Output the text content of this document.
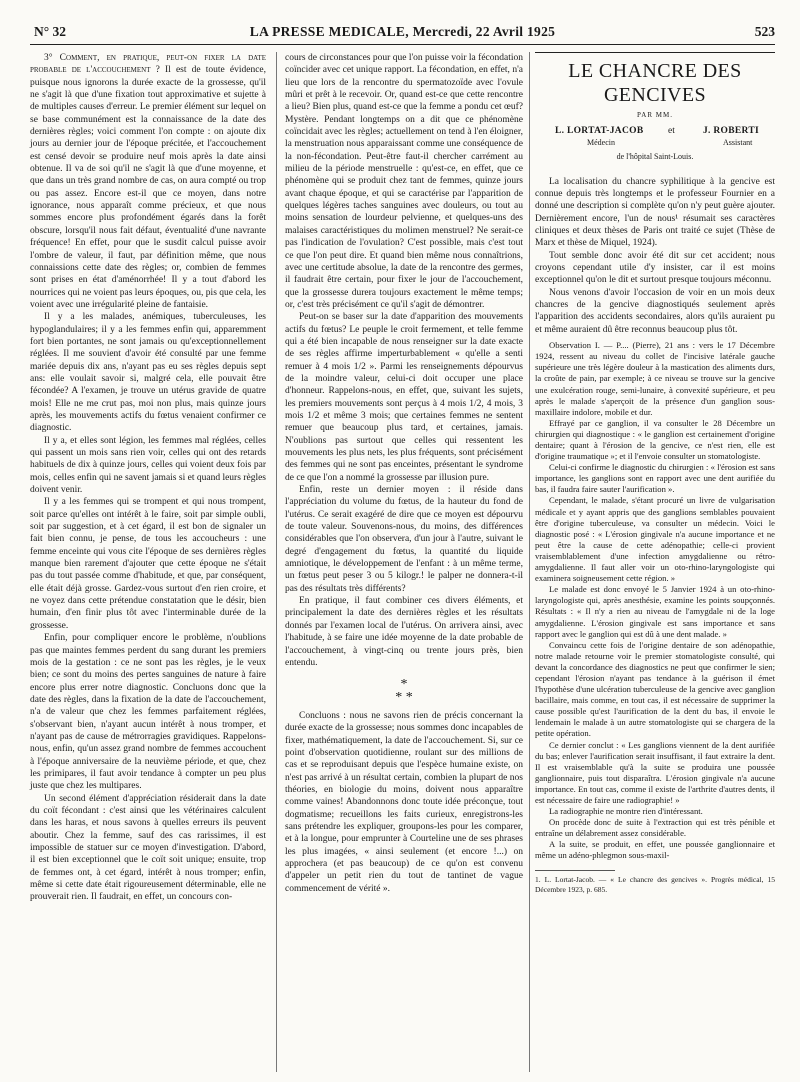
N° 32	LA PRESSE MEDICALE, Mercredi, 22 Avril 1925	523

3° Comment, en pratique, peut-on fixer la date probable de l'accouchement ? Il est de toute évidence, puisque nous ignorons la durée exacte de la grossesse, qu'il ne s'agit là que d'une fixation tout approximative et sujette à de multiples causes d'erreur. Le premier élément sur lequel on se base communément est la connaissance de la date des dernières règles; voici comment l'on compte : on ajoute dix jours au dernier jour de l'époque précitée, et l'accouchement est censé devoir se produire neuf mois après la date ainsi obtenue. Il va de soi qu'il ne s'agit là que d'une moyenne, et que dans un très grand nombre de cas, on aura compté ou trop ou pas assez. Encore est-il que ce moyen, dans notre ignorance, nous apparaît comme précieux, et que nous sommes encore plus profondément égarés dans la forêt obscure, lorsqu'il nous fait défaut, éventualité d'une navrante fréquence! En effet, pour que le susdit calcul puisse avoir l'ombre de valeur, il faut, par définition même, que nous connaissions cette date des règles; or, combien de femmes sont prises en état d'aménorrhée! Il y a tout d'abord les nourrices qui ne voient pas leurs époques, ou, pis que cela, les voient avec une irrégularité pleine de fantaisie.

Il y a les malades, anémiques, tuberculeuses, les hypoglandulaires; il y a les femmes enfin qui, apparemment fort bien portantes, ne sont jamais ou qu'exceptionnellement réglées. Il me souvient d'avoir été consulté par une femme mariée depuis dix ans, n'ayant pas eu ses règles depuis sept ans: elle voulait savoir si, malgré cela, elle pouvait être fécondée? A l'examen, je trouve un utérus gravide de quatre mois! Elle ne me crut pas, moi non plus, mais quinze jours après, les mouvements actifs du fœtus venaient confirmer ce diagnostic.

Il y a, et elles sont légion, les femmes mal réglées, celles qui passent un mois sans rien voir, celles qui ont des retards habituels de dix à quinze jours, celles qui voient deux fois par mois, celles enfin qui ne savent jamais si et quand leurs règles doivent venir.

Il y a les femmes qui se trompent et qui nous trompent, soit parce qu'elles ont intérêt à le faire, soit par simple oubli, soit par suggestion, et à cet égard, il est bon de signaler un fait bien connu, je pense, de tous les accoucheurs : une femme enceinte qui vous cite l'époque de ses dernières règles manque bien rarement d'ajouter que cette époque ne s'était pas du tout passée comme d'habitude, et que, par conséquent, elle était déjà grosse. Gardez-vous surtout d'en rien croire, et ne voyez dans cette prétendue constatation que le désir, bien humain, d'en finir plus tôt avec l'interminable durée de la grossesse.

Enfin, pour compliquer encore le problème, n'oublions pas que maintes femmes perdent du sang durant les premiers mois de la gestation : ce ne sont pas les règles, je le veux bien; ce sont du moins des pertes sanguines de nature à faire encore plus errer notre diagnostic. Concluons donc que la date des règles, dans la fixation de la date de l'accouchement, n'a de valeur que chez les femmes parfaitement réglées, s'observant bien, n'ayant aucun intérêt à nous tromper, et n'ayant pas de cause de métrorragies gravidiques. Rappelons-nous, enfin, qu'un assez grand nombre de femmes accouchent à l'époque anniversaire de la neuvième période, et que, chez les primipares, il faut avoir tendance à compter un peu plus juste que chez les multipares.

Un second élément d'appréciation résiderait dans la date du coït fécondant : c'est ainsi que les vétérinaires calculent dans les haras, et nous savons à quelles erreurs ils peuvent aboutir. Chez la femme, sauf des cas rarissimes, il est impossible de statuer sur ce moyen d'investigation. D'abord, il est bien exceptionnel que le coït soit unique; ensuite, trop de femmes ont, à cet égard, intérêt à nous tromper; enfin, même si cette date était rigoureusement déterminable, elle ne prouverait rien. Il faudrait, en effet, un concours con-

cours de circonstances pour que l'on puisse voir la fécondation coïncider avec cet unique rapport. La fécondation, en effet, n'a lieu que lors de la rencontre du spermatozoïde avec l'ovule mûri et prêt à le recevoir. Or, quand est-ce que cette rencontre a lieu? Bien plus, quand est-ce que la femme a pondu cet œuf? Mystère. Pendant longtemps on a dit que ce phénomène coïncidait avec les règles; actuellement on tend à l'en éloigner, la menstruation nous apparaissant comme une conséquence de la non-fécondation. Peut-être faut-il chercher carrément au milieu de la période menstruelle : qu'est-ce, en effet, que ce phénomène qui se produit chez tant de femmes, quinze jours avant chaque époque, et qui se caractérise par l'apparition de quelques légères taches sanguines avec douleurs, ou tout au moins sensation de lourdeur pelvienne, et quelques-uns des malaises caractéristiques du molimen menstruel? Ne serait-ce pas l'indication de l'ovulation? C'est possible, mais c'est tout ce que l'on peut dire. Et quand bien même nous connaîtrions, avec une certitude absolue, la date de la rencontre des germes, il faudrait être certain, pour fixer le jour de l'accouchement, que la grossesse durera toujours exactement le même temps; or, c'est très précisément ce qu'il s'agit de démontrer.

Peut-on se baser sur la date d'apparition des mouvements actifs du fœtus? Le peuple le croit fermement, et telle femme qui a été bien incapable de nous renseigner sur la date exacte de ses règles affirme imperturbablement « qu'elle a senti remuer à 4 mois 1/2 ». Parmi les renseignements dépourvus de la moindre valeur, celui-ci doit occuper une place d'honneur. Rappelons-nous, en effet, que, suivant les sujets, les premiers mouvements sont perçus à 4 mois 1/2, 4 mois, 3 mois 1/2 et même 3 mois; que certaines femmes ne sentent remuer que beaucoup plus tard, et certaines, jamais. N'oublions pas surtout que celles qui ressentent les mouvements les plus nets, les plus fréquents, sont précisément des femmes qui ne sont pas enceintes, présentant le syndrome de ce que l'on a nommé la grossesse par illusion pure.

Enfin, reste un dernier moyen : il réside dans l'appréciation du volume du fœtus, de la hauteur du fond de l'utérus. Ce serait exagéré de dire que ce moyen est dépourvu de toute valeur. Souvenons-nous, du moins, des différences considérables que l'on observera, d'un jour à l'autre, suivant le degré d'engagement du fœtus, la quantité du liquide amniotique, le développement de l'enfant : à un même terme, un fœtus peut peser 3 ou 5 kilogr.! le palper ne donnera-t-il pas des résultats très différents?

En pratique, il faut combiner ces divers éléments, et principalement la date des dernières règles et les résultats donnés par l'examen local de l'utérus. On arrivera ainsi, avec l'habitude, à se faire une idée moyenne de la date probable de l'accouchement, à vingt-cinq ou trente jours près, bien entendu.

*
* *

Concluons : nous ne savons rien de précis concernant la durée exacte de la grossesse; nous sommes donc incapables de fixer, mathématiquement, la date de l'accouchement. Si, sur ce point d'observation quotidienne, roulant sur des millions de cas et se reproduisant depuis que l'espèce humaine existe, on n'est pas arrivé à un résultat certain, combien la plupart de nos théories, en biologie du moins, doivent nous apparaître comme vaines! Abandonnons donc toute idée préconçue, tout dogmatisme; recueillons les faits curieux, enregistrons-les sans prétendre les expliquer, groupons-les pour les comparer, et à la longue, pour emprunter à Courteline une de ses phrases les plus imagées, « ainsi seulement (et encore !...) on approchera (et pas beaucoup) de ce qu'on est convenu d'appeler un petit rien du tout de tantinet de vague commencement de vérité ».

LE CHANCRE DES GENCIVES
PAR MM.
L. LORTAT-JACOB	et	J. ROBERTI
Médecin	Assistant
de l'hôpital Saint-Louis.

La localisation du chancre syphilitique à la gencive est connue depuis très longtemps et le professeur Fournier en a donné une description si complète qu'on n'y peut guère ajouter. Dernièrement encore, l'un de nous¹ résumait ses caractères cliniques et deux thèses de Paris ont traité ce sujet (Thèse de Marx et thèse de Miquel, 1924).

Tout semble donc avoir été dit sur cet accident; nous croyons cependant utile d'y insister, car il est moins exceptionnel qu'on le dit et surtout presque toujours méconnu.

Nous venons d'avoir l'occasion de voir en un mois deux chancres de la gencive diagnostiqués seulement après l'apparition des accidents secondaires, alors qu'ils auraient pu et même auraient dû être reconnus beaucoup plus tôt.

Observation I. — P.... (Pierre), 21 ans : vers le 17 Décembre 1924, ressent au niveau du collet de l'incisive latérale gauche supérieure une très légère douleur à la mastication des aliments durs, la croûte de pain, par exemple; à ce niveau se trouve sur la gencive une exulcération rouge, semi-lunaire, à convexité supérieure, et peu après le malade s'aperçoit de la présence d'un ganglion sous-maxillaire indolore, mobile et dur.

Effrayé par ce ganglion, il va consulter le 28 Décembre un chirurgien qui diagnostique : « le ganglion est certainement d'origine dentaire; quant à l'érosion de la gencive, ce n'est rien, elle est d'origine traumatique »; et il l'envoie consulter un stomatologiste.

Celui-ci confirme le diagnostic du chirurgien : « l'érosion est sans importance, les ganglions sont en rapport avec une dent aurifiée du bas, il faudra faire sauter l'aurification ».

Cependant, le malade, s'étant procuré un livre de vulgarisation médicale et y ayant appris que des ganglions semblables pouvaient être d'origine tuberculeuse, va consulter un médecin. Voici le diagnostic posé : « L'érosion gingivale n'a aucune importance et ne peut être la cause de cette adénopathie; celle-ci provient vraisemblablement d'une infection amygdalienne ou rétro-amygdalienne. Il faut aller voir un oto-rhino-laryngologiste qui examinera soigneusement cette région. »

Le malade est donc envoyé le 5 Janvier 1924 à un oto-rhino-laryngologiste qui, après anesthésie, examine les points soupçonnés. Résultats : « Il n'y a rien au niveau de l'amygdale ni de la loge amygdalienne. L'érosion gingivale est sans importance et sans rapport avec le ganglion qui est dû à une dent malade. »

Convaincu cette fois de l'origine dentaire de son adénopathie, notre malade retourne voir le premier stomatologiste consulté, qui devant la concordance des diagnostics ne peut que confirmer le sien; cependant l'érosion n'ayant pas tendance à la guérison il émet l'hypothèse d'une ulcération tuberculeuse de la gencive avec ganglion bacillaire, mais comme, en tout cas, il est nécessaire de supprimer la cause possible qu'est l'aurification de la dent du bas, il envoie le lendemain le malade à un autre stomatologiste qui se chargera de la petite opération.

Ce dernier conclut : « Les ganglions viennent de la dent aurifiée du bas; enlever l'aurification serait insuffisant, il faut extraire la dent. Il est vraisemblable qu'à la suite se produira une poussée ganglionnaire, puis tout disparaîtra. L'érosion gingivale n'a aucune importance. En tout cas, comme il existe de l'arthrite d'autres dents, il est nécessaire de faire une radiographie! »

La radiographie ne montre rien d'intéressant.

On procède donc de suite à l'extraction qui est très pénible et entraîne un délabrement assez considérable.

A la suite, se produit, en effet, une poussée ganglionnaire et même un adéno-phlegmon sous-maxil-

1. L. Lortat-Jacob. — « Le chancre des gencives ». Progrès médical, 15 Décembre 1923, p. 685.
